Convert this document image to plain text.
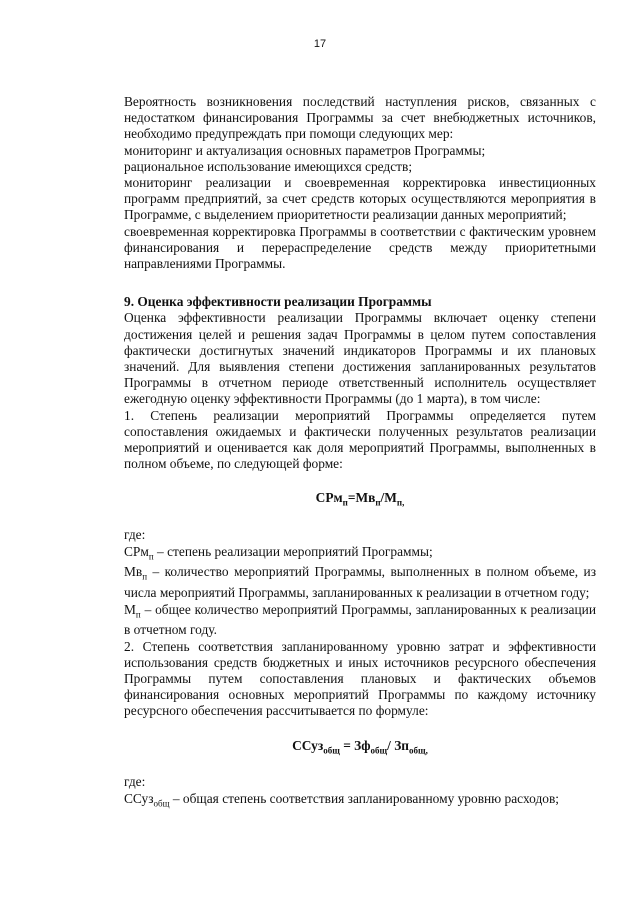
17

Вероятность возникновения последствий наступления рисков, связанных с недостатком финансирования Программы за счет внебюджетных источников, необходимо предупреждать при помощи следующих мер:

мониторинг и актуализация основных параметров Программы;

рациональное использование имеющихся средств;

мониторинг реализации и своевременная корректировка инвестиционных программ предприятий, за счет средств которых осуществляются мероприятия в Программе, с выделением приоритетности реализации данных мероприятий;

своевременная корректировка Программы в соответствии с фактическим уровнем финансирования и перераспределение средств между приоритетными направлениями Программы.

9. Оценка эффективности реализации Программы

Оценка эффективности реализации Программы включает оценку степени достижения целей и решения задач Программы в целом путем сопоставления фактически достигнутых значений индикаторов Программы и их плановых значений. Для выявления степени достижения запланированных результатов Программы в отчетном периоде ответственный исполнитель осуществляет ежегодную оценку эффективности Программы (до 1 марта), в том числе:

1. Степень реализации мероприятий Программы определяется путем сопоставления ожидаемых и фактически полученных результатов реализации мероприятий и оценивается как доля мероприятий Программы, выполненных в полном объеме, по следующей форме:

$СРм_п=Мв_п/М_{п,}$

где:

СРм$_п$ – степень реализации мероприятий Программы;

$Мв_п$ – количество мероприятий Программы, выполненных в полном объеме, из числа мероприятий Программы, запланированных к реализации в отчетном году;

$М_п$ – общее количество мероприятий Программы, запланированных к реализации в отчетном году.

2. Степень соответствия запланированному уровню затрат и эффективности использования средств бюджетных и иных источников ресурсного обеспечения Программы путем сопоставления плановых и фактических объемов финансирования основных мероприятий Программы по каждому источнику ресурсного обеспечения рассчитывается по формуле:

ССуз$_{общ}$ = $Зф_{общ}/$ $Зп_{общ,}$

где:

ССуз$_{общ}$ – общая степень соответствия запланированному уровню расходов;
